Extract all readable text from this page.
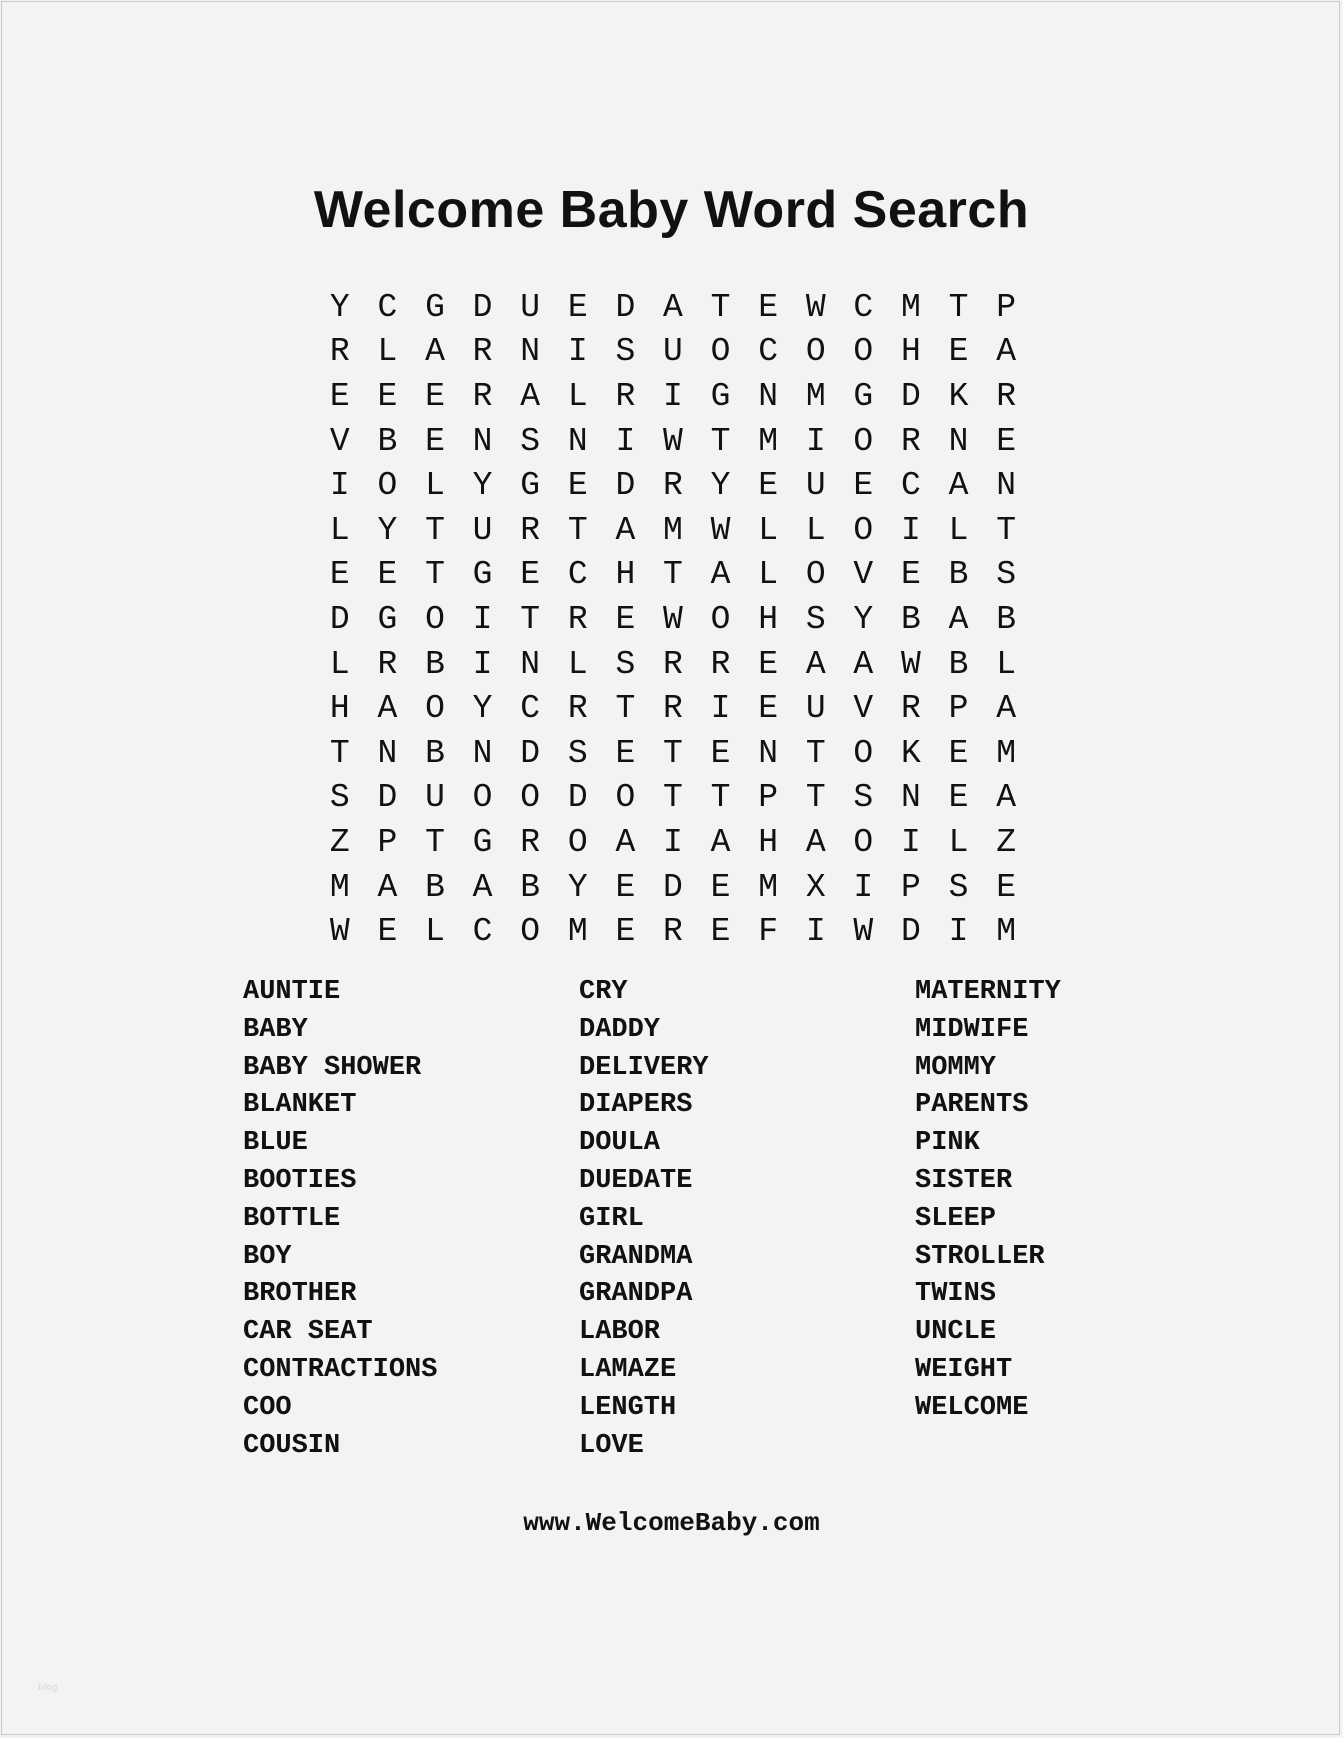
Welcome Baby Word Search
Y C G D U E D A T E W C M T P
R L A R N I S U O C O O H E A
E E E R A L R I G N M G D K R
V B E N S N I W T M I O R N E
I O L Y G E D R Y E U E C A N
L Y T U R T A M W L L O I L T
E E T G E C H T A L O V E B S
D G O I T R E W O H S Y B A B
L R B I N L S R R E A A W B L
H A O Y C R T R I E U V R P A
T N B N D S E T E N T O K E M
S D U O O D O T T P T S N E A
Z P T G R O A I A H A O I L Z
M A B A B Y E D E M X I P S E
W E L C O M E R E F I W D I M
AUNTIE
BABY
BABY SHOWER
BLANKET
BLUE
BOOTIES
BOTTLE
BOY
BROTHER
CAR SEAT
CONTRACTIONS
COO
COUSIN
CRY
DADDY
DELIVERY
DIAPERS
DOULA
DUEDATE
GIRL
GRANDMA
GRANDPA
LABOR
LAMAZE
LENGTH
LOVE
MATERNITY
MIDWIFE
MOMMY
PARENTS
PINK
SISTER
SLEEP
STROLLER
TWINS
UNCLE
WEIGHT
WELCOME
www.WelcomeBaby.com
blog
